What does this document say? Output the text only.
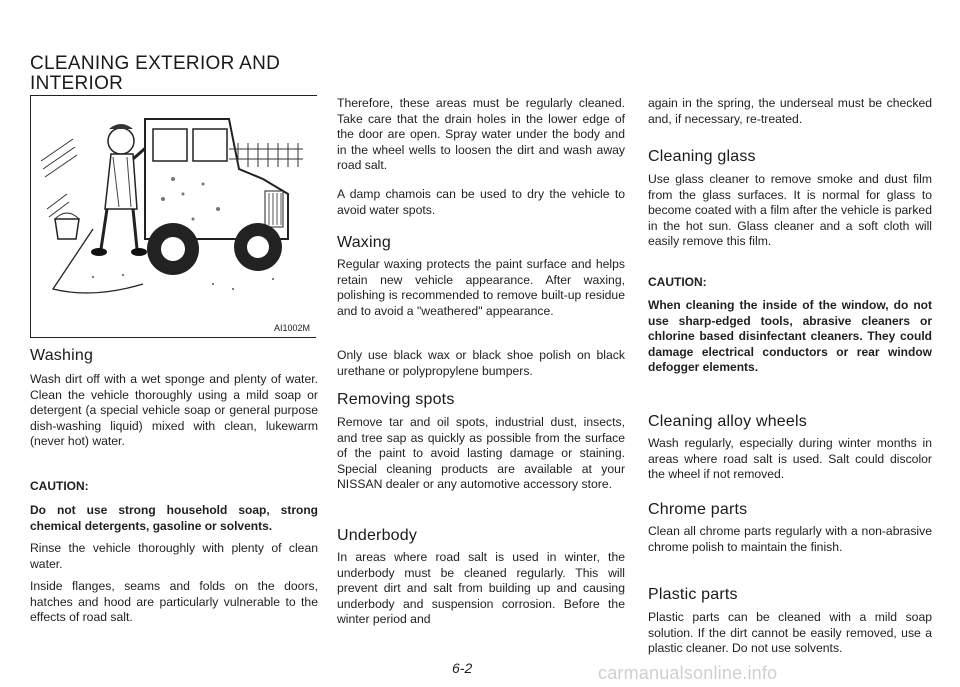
CLEANING EXTERIOR AND INTERIOR
AI1002M
Washing

Wash dirt off with a wet sponge and plenty of water. Clean the vehicle thoroughly using a mild soap or detergent (a special vehicle soap or general purpose dish-washing liquid) mixed with clean, lukewarm (never hot) water.

CAUTION:

Do not use strong household soap, strong chemical detergents, gasoline or solvents.

Rinse the vehicle thoroughly with plenty of clean water.

Inside flanges, seams and folds on the doors, hatches and hood are particularly vulnerable to the effects of road salt.

Therefore, these areas must be regularly cleaned. Take care that the drain holes in the lower edge of the door are open. Spray water under the body and in the wheel wells to loosen the dirt and wash away road salt.

A damp chamois can be used to dry the vehicle to avoid water spots.

Waxing

Regular waxing protects the paint surface and helps retain new vehicle appearance. After waxing, polishing is recommended to remove built-up residue and to avoid a "weathered" appearance.

Only use black wax or black shoe polish on black urethane or polypropylene bumpers.

Removing spots

Remove tar and oil spots, industrial dust, insects, and tree sap as quickly as possible from the surface of the paint to avoid lasting damage or staining. Special cleaning products are available at your NISSAN dealer or any automotive accessory store.

Underbody

In areas where road salt is used in winter, the underbody must be cleaned regularly. This will prevent dirt and salt from building up and causing underbody and suspension corrosion. Before the winter period and

again in the spring, the underseal must be checked and, if necessary, re-treated.

Cleaning glass

Use glass cleaner to remove smoke and dust film from the glass surfaces. It is normal for glass to become coated with a film after the vehicle is parked in the hot sun. Glass cleaner and a soft cloth will easily remove this film.

CAUTION:

When cleaning the inside of the window, do not use sharp-edged tools, abrasive cleaners or chlorine based disinfectant cleaners. They could damage electrical conductors or rear window defogger elements.

Cleaning alloy wheels

Wash regularly, especially during winter months in areas where road salt is used. Salt could discolor the wheel if not removed.

Chrome parts

Clean all chrome parts regularly with a non-abrasive chrome polish to maintain the finish.

Plastic parts

Plastic parts can be cleaned with a mild soap solution. If the dirt cannot be easily removed, use a plastic cleaner. Do not use solvents.

6-2	carmanualsonline.info
